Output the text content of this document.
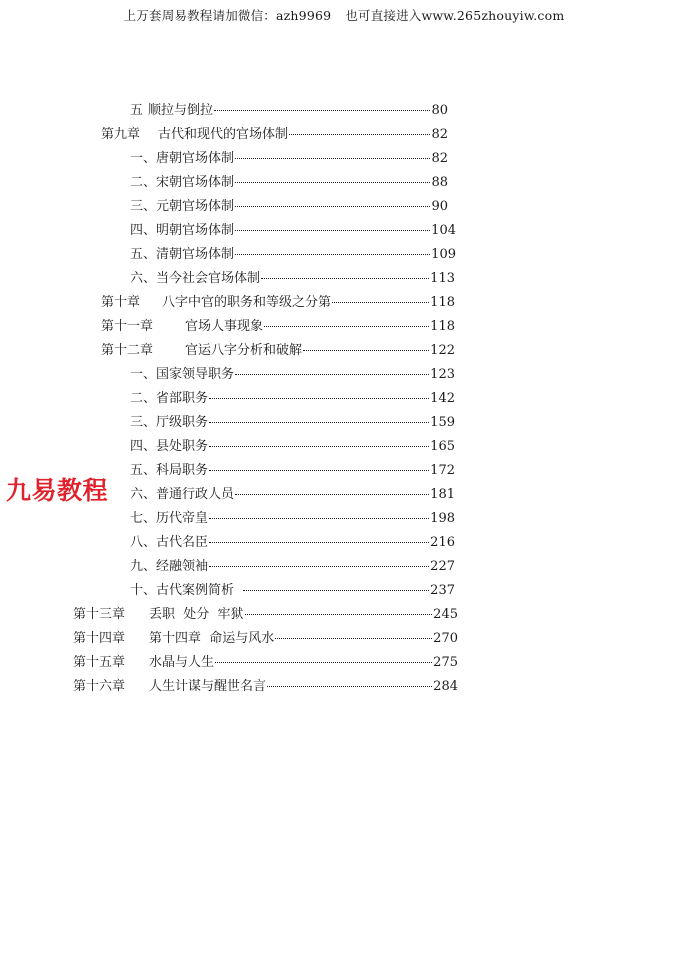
上万套周易教程请加微信：azh9969 也可直接进入www.265zhouyiw.com
五 顺拉与倒拉	80
第九章	古代和现代的官场体制	82
一、 唐朝官场体制	82
二、 宋朝官场体制	88
三、 元朝官场体制	90
四、 明朝官场体制	104
五、 清朝官场体制	109
六、 当今社会官场体制	113
第十章	八字中官的职务和等级之分第	118
第十一章	官场人事现象	118
第十二章	官运八字分析和破解	122
一、 国家领导职务	123
二、 省部职务	142
三、 厅级职务	159
四、 县处职务	165
五、 科局职务	172
六、 普通行政人员	181
七、 历代帝皇	198
八、 古代名臣	216
九、 经融领袖	227
十、 古代案例简析	237
第十三章	丢职  处分  牢狱	245
第十四章	第十四章  命运与风水	270
第十五章	水晶与人生	275
第十六章	人生计谋与醒世名言	284
九易教程
